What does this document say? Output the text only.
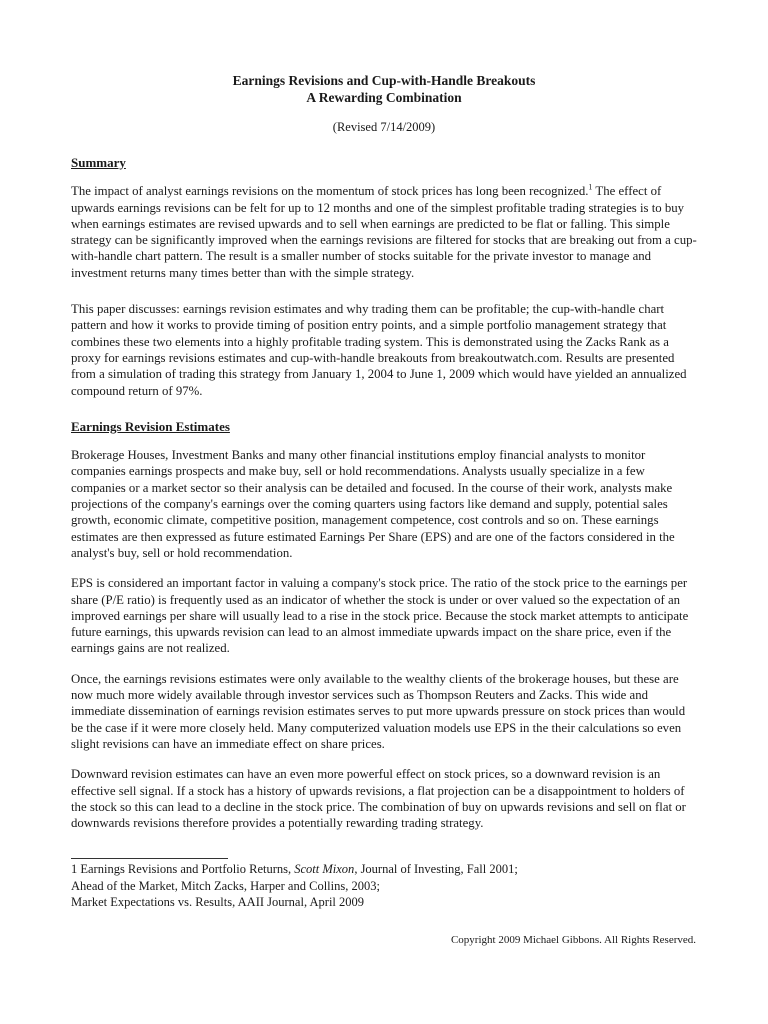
Earnings Revisions and Cup-with-Handle Breakouts
A Rewarding Combination
(Revised 7/14/2009)
Summary

The impact of analyst earnings revisions on the momentum of stock prices has long been recognized.$^1$ The effect of upwards earnings revisions can be felt for up to 12 months and one of the simplest profitable trading strategies is to buy when earnings estimates are revised upwards and to sell when earnings are predicted to be flat or falling. This simple strategy can be significantly improved when the earnings revisions are filtered for stocks that are breaking out from a cup-with-handle chart pattern. The result is a smaller number of stocks suitable for the private investor to manage and investment returns many times better than with the simple strategy.

This paper discusses: earnings revision estimates and why trading them can be profitable; the cup-with-handle chart pattern and how it works to provide timing of position entry points, and a simple portfolio management strategy that combines these two elements into a highly profitable trading system. This is demonstrated using the Zacks Rank as a proxy for earnings revisions estimates and cup-with-handle breakouts from breakoutwatch.com. Results are presented from a simulation of trading this strategy from January 1, 2004 to June 1, 2009 which would have yielded an annualized compound return of 97%.

Earnings Revision Estimates

Brokerage Houses, Investment Banks and many other financial institutions employ financial analysts to monitor companies earnings prospects and make buy, sell or hold recommendations. Analysts usually specialize in a few companies or a market sector so their analysis can be detailed and focused. In the course of their work, analysts make projections of the company's earnings over the coming quarters using factors like demand and supply, potential sales growth, economic climate, competitive position, management competence, cost controls and so on. These earnings estimates are then expressed as future estimated Earnings Per Share (EPS) and are one of the factors considered in the analyst's buy, sell or hold recommendation.

EPS is considered an important factor in valuing a company's stock price. The ratio of the stock price to the earnings per share (P/E ratio) is frequently used as an indicator of whether the stock is under or over valued so the expectation of an improved earnings per share will usually lead to a rise in the stock price. Because the stock market attempts to anticipate future earnings, this upwards revision can lead to an almost immediate upwards impact on the share price, even if the earnings gains are not realized.

Once, the earnings revisions estimates were only available to the wealthy clients of the brokerage houses, but these are now much more widely available through investor services such as Thompson Reuters and Zacks. This wide and immediate dissemination of earnings revision estimates serves to put more upwards pressure on stock prices than would be the case if it were more closely held. Many computerized valuation models use EPS in the their calculations so even slight revisions can have an immediate effect on share prices.

Downward revision estimates can have an even more powerful effect on stock prices, so a downward revision is an effective sell signal. If a stock has a history of upwards revisions, a flat projection can be a disappointment to holders of the stock so this can lead to a decline in the stock price. The combination of buy on upwards revisions and sell on flat or downwards revisions therefore provides a potentially rewarding trading strategy.

1 Earnings Revisions and Portfolio Returns, Scott Mixon, Journal of Investing, Fall 2001;
Ahead of the Market, Mitch Zacks, Harper and Collins, 2003;
Market Expectations vs. Results, AAII Journal, April 2009
Copyright 2009 Michael Gibbons. All Rights Reserved.
